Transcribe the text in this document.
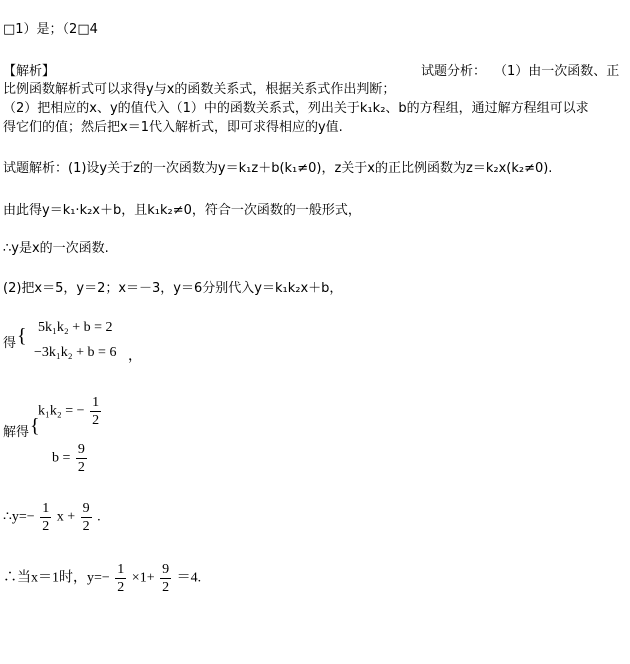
□1）是；（2□4
【解析】	试题分析： （1）由一次函数、正
比例函数解析式可以求得y与x的函数关系式，根据关系式作出判断；
（2）把相应的x、y的值代入（1）中的函数关系式，列出关于k₁k₂、b的方程组，通过解方程组可以求
得它们的值；然后把x＝1代入解析式，即可求得相应的y值.
试题解析：(1)设y关于z的一次函数为y＝k₁z＋b(k₁≠0)，z关于x的正比例函数为z＝k₂x(k₂≠0).
由此得y＝k₁·k₂x＋b，且k₁k₂≠0，符合一次函数的一般形式，
∴y是x的一次函数.
(2)把x＝5，y＝2；x＝－3，y＝6分别代入y＝k₁k₂x＋b，
得 { 5k₁k₂ + b = 2
−3k₁k₂ + b = 6 ，
解得 {
k₁k₂ = − $\frac{1}{2}$
$b = \frac{9}{2}$
∴y=− $\frac{1}{2}$ $x + \frac{9}{2}$ .
∴当x＝1时，$y=- \frac{1}{2} \times 1+ \frac{9}{2} =4$.
